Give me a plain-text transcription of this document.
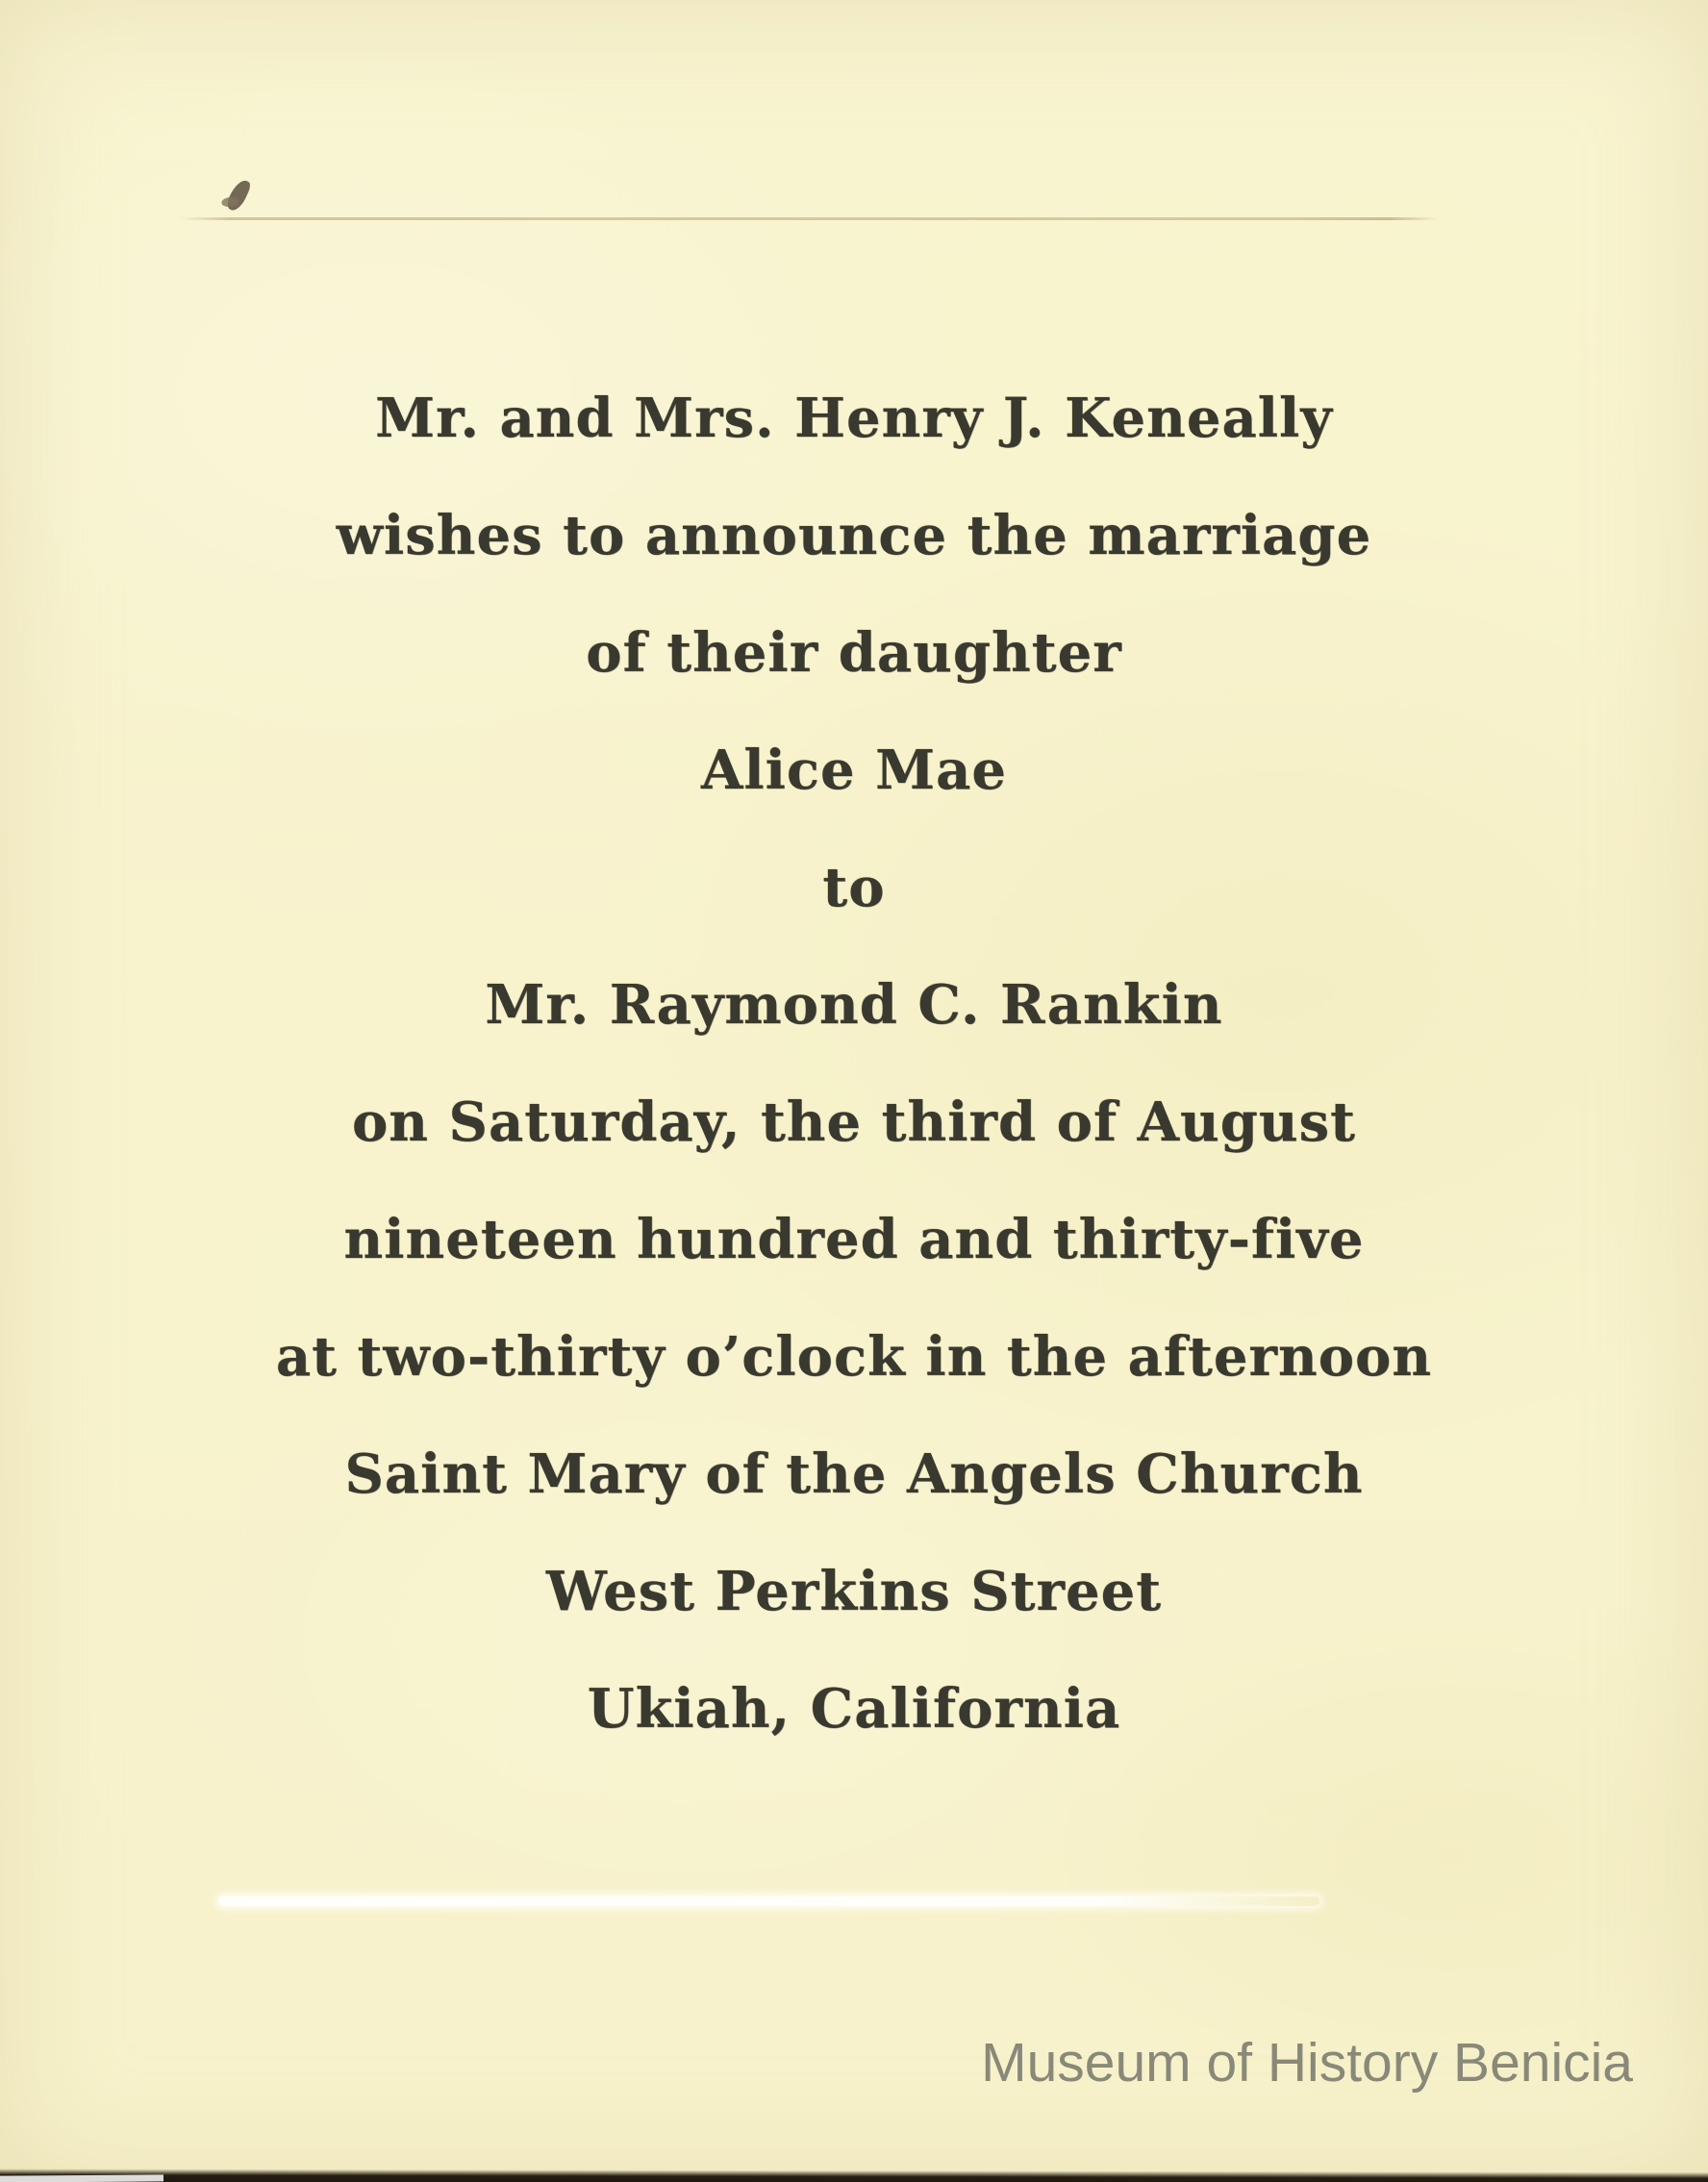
Mr. and Mrs. Henry J. Keneally

wishes to announce the marriage

of their daughter

Alice Mae

to

Mr. Raymond C. Rankin

on Saturday, the third of August

nineteen hundred and thirty-five

at two-thirty o’clock in the afternoon

Saint Mary of the Angels Church

West Perkins Street

Ukiah, California

Museum of History Benicia
